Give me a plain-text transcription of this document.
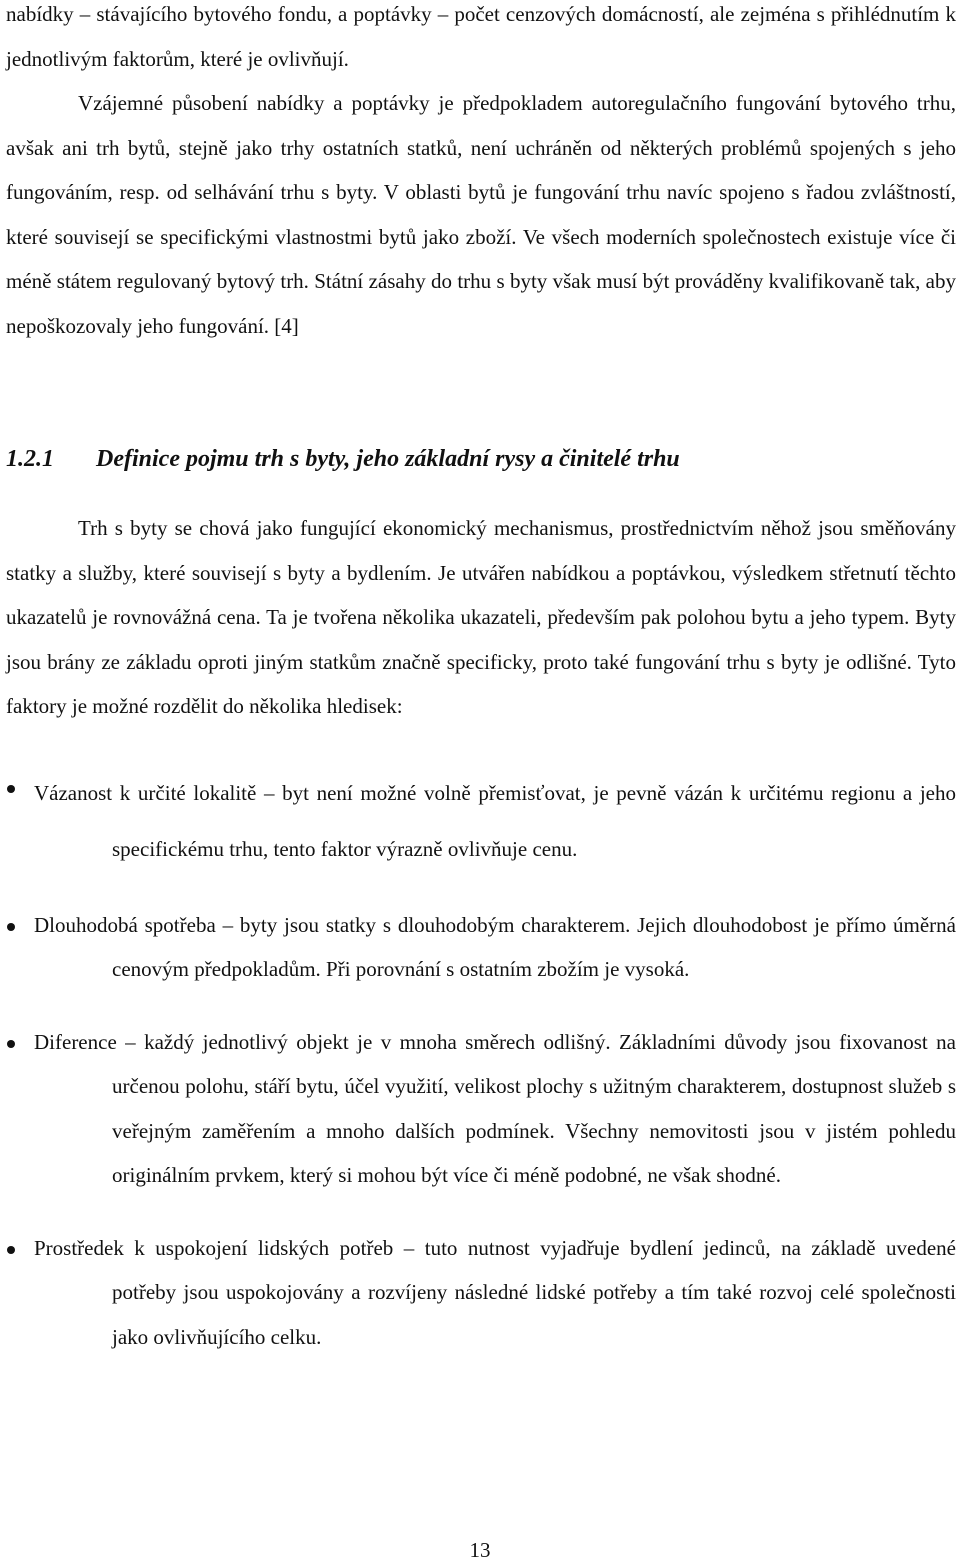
nabídky – stávajícího bytového fondu, a poptávky – počet cenzových domácností, ale zejména s přihlédnutím k jednotlivým faktorům, které je ovlivňují.

Vzájemné působení nabídky a poptávky je předpokladem autoregulačního fungování bytového trhu, avšak ani trh bytů, stejně jako trhy ostatních statků, není uchráněn od některých problémů spojených s jeho fungováním, resp. od selhávání trhu s byty. V oblasti bytů je fungování trhu navíc spojeno s řadou zvláštností, které souvisejí se specifickými vlastnostmi bytů jako zboží. Ve všech moderních společnostech existuje více či méně státem regulovaný bytový trh. Státní zásahy do trhu s byty však musí být prováděny kvalifikovaně tak, aby nepoškozovaly jeho fungování. [4]

1.2.1	Definice pojmu trh s byty, jeho základní rysy a činitelé trhu

Trh s byty se chová jako fungující ekonomický mechanismus, prostřednictvím něhož jsou směňovány statky a služby, které souvisejí s byty a bydlením. Je utvářen nabídkou a poptávkou, výsledkem střetnutí těchto ukazatelů je rovnovážná cena. Ta je tvořena několika ukazateli, především pak polohou bytu a jeho typem. Byty jsou brány ze základu oproti jiným statkům značně specificky, proto také fungování trhu s byty je odlišné. Tyto faktory je možné rozdělit do několika hledisek:

Vázanost k určité lokalitě – byt není možné volně přemisťovat, je pevně vázán k určitému regionu a jeho specifickému trhu, tento faktor výrazně ovlivňuje cenu.
Dlouhodobá spotřeba – byty jsou statky s dlouhodobým charakterem. Jejich dlouhodobost je přímo úměrná cenovým předpokladům. Při porovnání s ostatním zbožím je vysoká.
Diference – každý jednotlivý objekt je v mnoha směrech odlišný. Základními důvody jsou fixovanost na určenou polohu, stáří bytu, účel využití, velikost plochy s užitným charakterem, dostupnost služeb s veřejným zaměřením a mnoho dalších podmínek. Všechny nemovitosti jsou v jistém pohledu originálním prvkem, který si mohou být více či méně podobné, ne však shodné.
Prostředek k uspokojení lidských potřeb – tuto nutnost vyjadřuje bydlení jedinců, na základě uvedené potřeby jsou uspokojovány a rozvíjeny následné lidské potřeby a tím také rozvoj celé společnosti jako ovlivňujícího celku.
13
